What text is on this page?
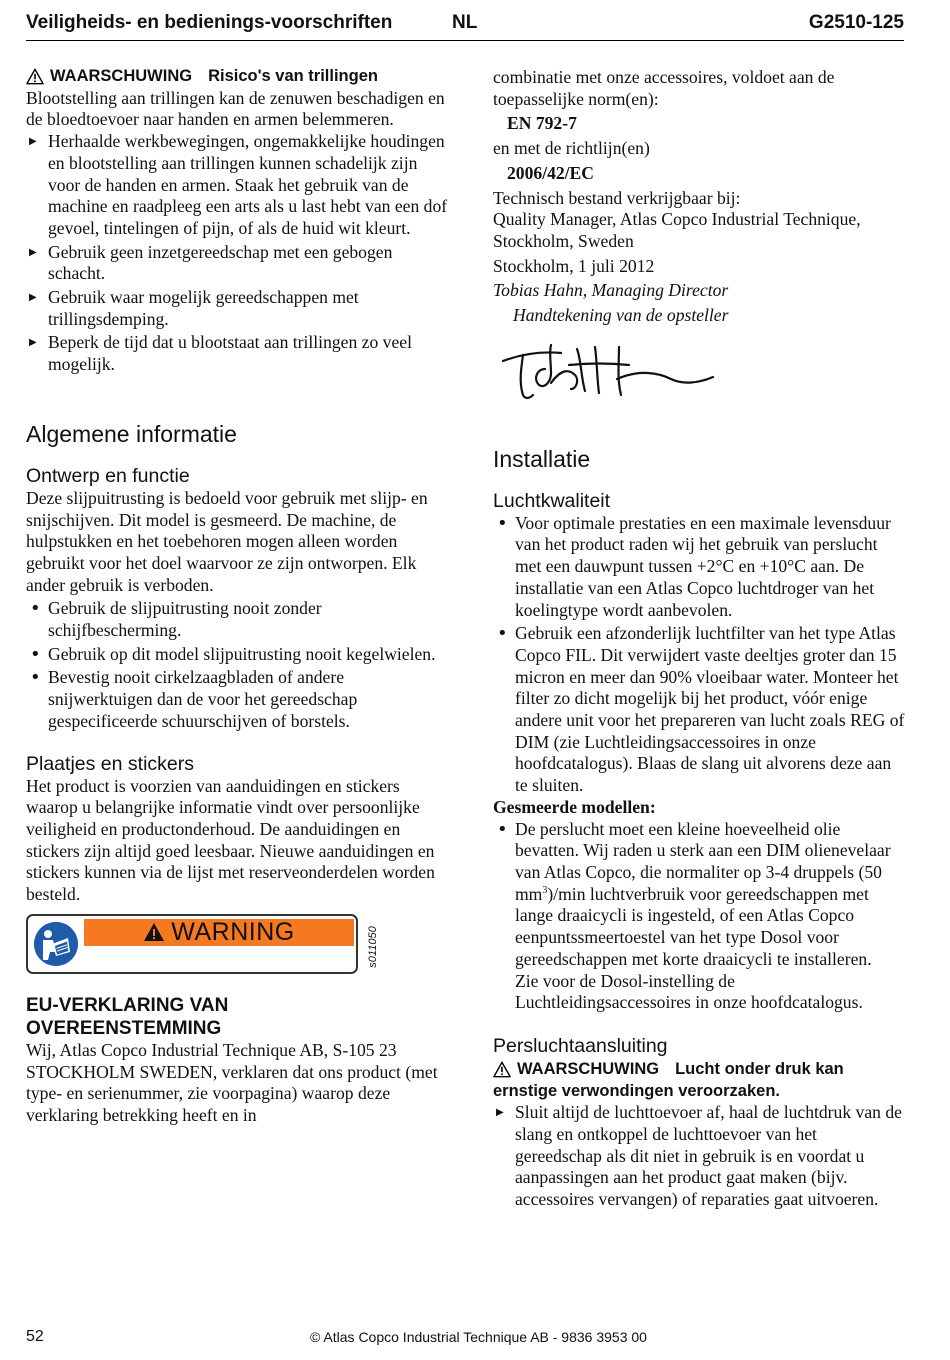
Veiligheids- en bedienings-voorschriften	NL	G2510-125
WAARSCHUWING Risico's van trillingen

Blootstelling aan trillingen kan de zenuwen beschadigen en de bloedtoevoer naar handen en armen belemmeren.

▶ Herhaalde werkbewegingen, ongemakkelijke houdingen en blootstelling aan trillingen kunnen schadelijk zijn voor de handen en armen. Staak het gebruik van de machine en raadpleeg een arts als u last hebt van een dof gevoel, tintelingen of pijn, of als de huid wit kleurt.
▶ Gebruik geen inzetgereedschap met een gebogen schacht.
▶ Gebruik waar mogelijk gereedschappen met trillingsdemping.
▶ Beperk de tijd dat u blootstaat aan trillingen zo veel mogelijk.
Algemene informatie
Ontwerp en functie

Deze slijpuitrusting is bedoeld voor gebruik met slijp- en snijschijven. Dit model is gesmeerd. De machine, de hulpstukken en het toebehoren mogen alleen worden gebruikt voor het doel waarvoor ze zijn ontworpen. Elk ander gebruik is verboden.

• Gebruik de slijpuitrusting nooit zonder schijfbescherming.
• Gebruik op dit model slijpuitrusting nooit kegelwielen.
• Bevestig nooit cirkelzaagbladen of andere snijwerktuigen dan de voor het gereedschap gespecificeerde schuurschijven of borstels.
Plaatjes en stickers

Het product is voorzien van aanduidingen en stickers waarop u belangrijke informatie vindt over persoonlijke veiligheid en productonderhoud. De aanduidingen en stickers zijn altijd goed leesbaar. Nieuwe aanduidingen en stickers kunnen via de lijst met reserveonderdelen worden besteld.

WARNING	s011050
EU-VERKLARING VAN
OVEREENSTEMMING

Wij, Atlas Copco Industrial Technique AB, S-105 23 STOCKHOLM SWEDEN, verklaren dat ons product (met type- en serienummer, zie voorpagina) waarop deze verklaring betrekking heeft en in

combinatie met onze accessoires, voldoet aan de toepasselijke norm(en):

EN 792-7

en met de richtlijn(en)

2006/42/EC

Technisch bestand verkrijgbaar bij:

Quality Manager, Atlas Copco Industrial Technique, Stockholm, Sweden

Stockholm, 1 juli 2012

Tobias Hahn, Managing Director

Handtekening van de opsteller

Installatie
Luchtkwaliteit
• Voor optimale prestaties en een maximale levensduur van het product raden wij het gebruik van perslucht met een dauwpunt tussen +2°C en +10°C aan. De installatie van een Atlas Copco luchtdroger van het koelingtype wordt aanbevolen.
• Gebruik een afzonderlijk luchtfilter van het type Atlas Copco FIL. Dit verwijdert vaste deeltjes groter dan 15 micron en meer dan 90% vloeibaar water. Monteer het filter zo dicht mogelijk bij het product, vóór enige andere unit voor het prepareren van lucht zoals REG of DIM (zie Luchtleidingsaccessoires in onze hoofdcatalogus). Blaas de slang uit alvorens deze aan te sluiten.

Gesmeerde modellen:

• De perslucht moet een kleine hoeveelheid olie bevatten. Wij raden u sterk aan een DIM olienevelaar van Atlas Copco, die normaliter op 3-4 druppels (50 $mm^3)/\min$ luchtverbruik voor gereedschappen met lange draaicycli is ingesteld, of een Atlas Copco eenpuntssmeertoestel van het type Dosol voor gereedschappen met korte draaicycli te installeren.

Zie voor de Dosol-instelling de Luchtleidingsaccessoires in onze hoofdcatalogus.

Persluchtaansluiting
WAARSCHUWING Lucht onder druk kan
ernstige verwondingen veroorzaken.
▶ Sluit altijd de luchttoevoer af, haal de luchtdruk van de slang en ontkoppel de luchttoevoer van het gereedschap als dit niet in gebruik is en voordat u aanpassingen aan het product gaat maken (bijv. accessoires vervangen) of reparaties gaat uitvoeren.
52	© Atlas Copco Industrial Technique AB - 9836 3953 00
